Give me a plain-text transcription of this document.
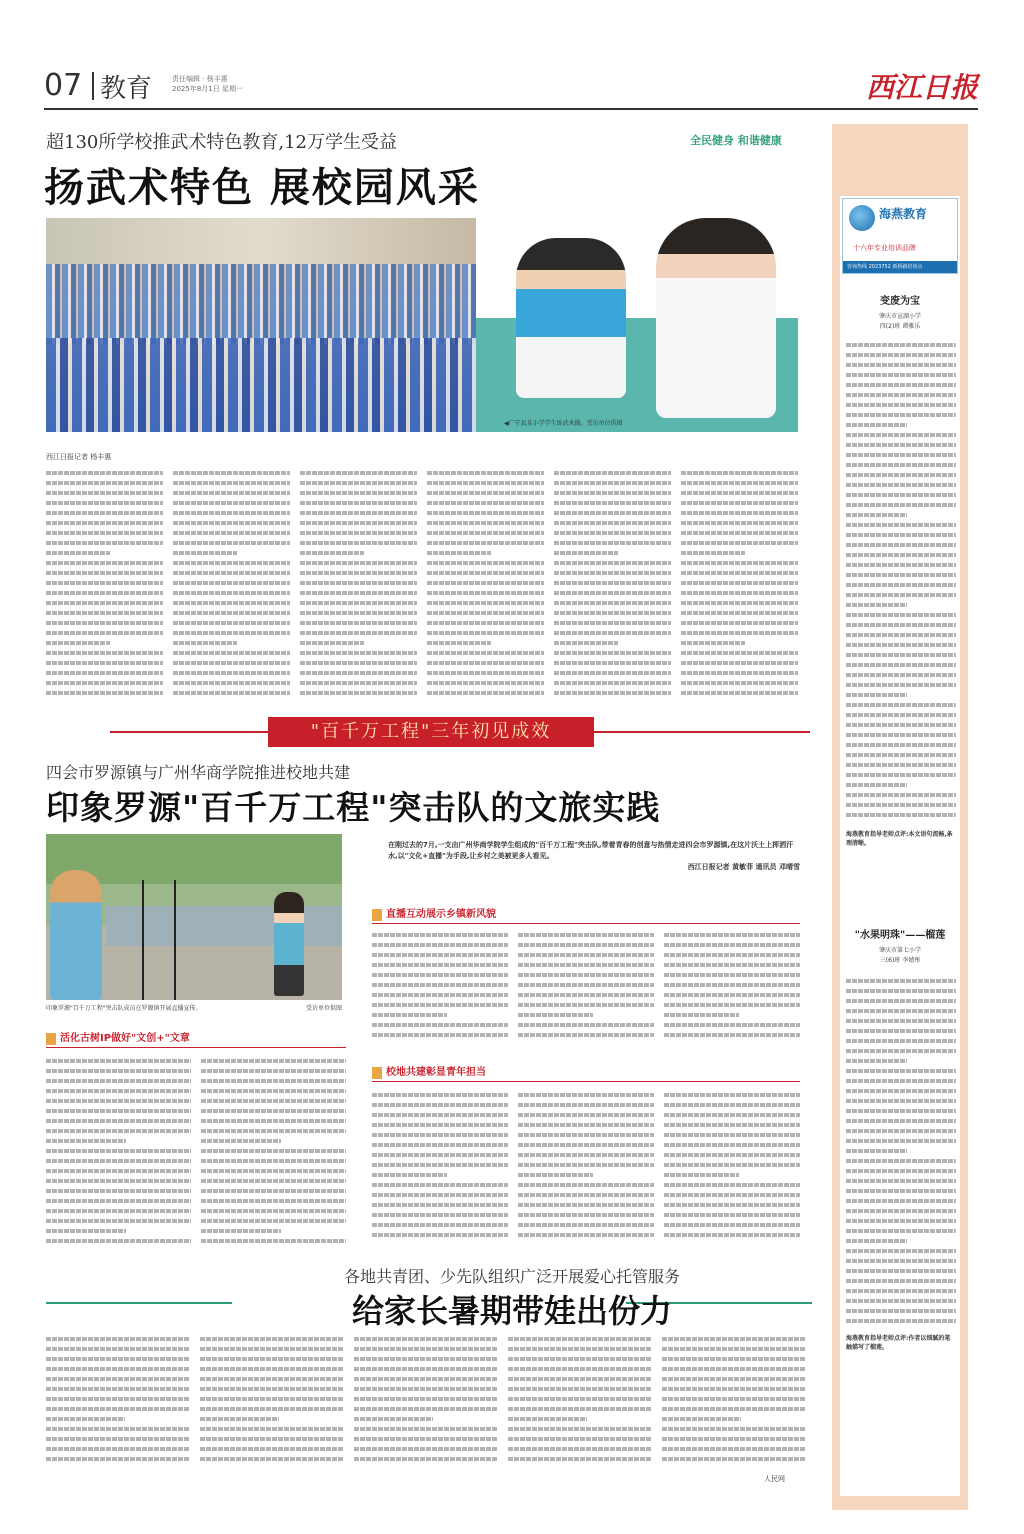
07 教育	责任编辑 · 杨丰惠
2025年8月1日 星期一	西江日报
超130所学校推武术特色教育,12万学生受益
扬武术特色 展校园风采
全民健身 和谐健康
◀广宁县某小学学生练武术操。受访单位供图
西江日报记者 杨丰惠
"百千万工程"三年初见成效
四会市罗源镇与广州华商学院推进校地共建
印象罗源"百千万工程"突击队的文旅实践
印象罗源"百千万工程"突击队成员在罗源镇开展直播宣传。	受访单位供图
在刚过去的7月,一支由广州华商学院学生组成的"百千万工程"突击队,带着青春的创意与热情走进四会市罗源镇,在这片沃土上挥洒汗水,以"文化+直播"为手段,让乡村之美被更多人看见。
西江日报记者 黄敏菲 通讯员 邓晴雪
直播互动展示乡镇新风貌
活化古树IP做好"文创+"文章
校地共建彰显青年担当
各地共青团、少先队组织广泛开展爱心托管服务
给家长暑期带娃出份力
人民网
海燕教育
十六年专业培训品牌
咨询热线 2023752 新桥路培训点
变废为宝
肇庆市宣湖小学
四(2)班 谭雅乐
海燕教育指导老师点评:本文语句流畅,条理清晰。
"水果明珠"——榴莲
肇庆市第七小学
三(6)班 李婧彤
海燕教育指导老师点评:作者以细腻的笔触描写了榴莲。
